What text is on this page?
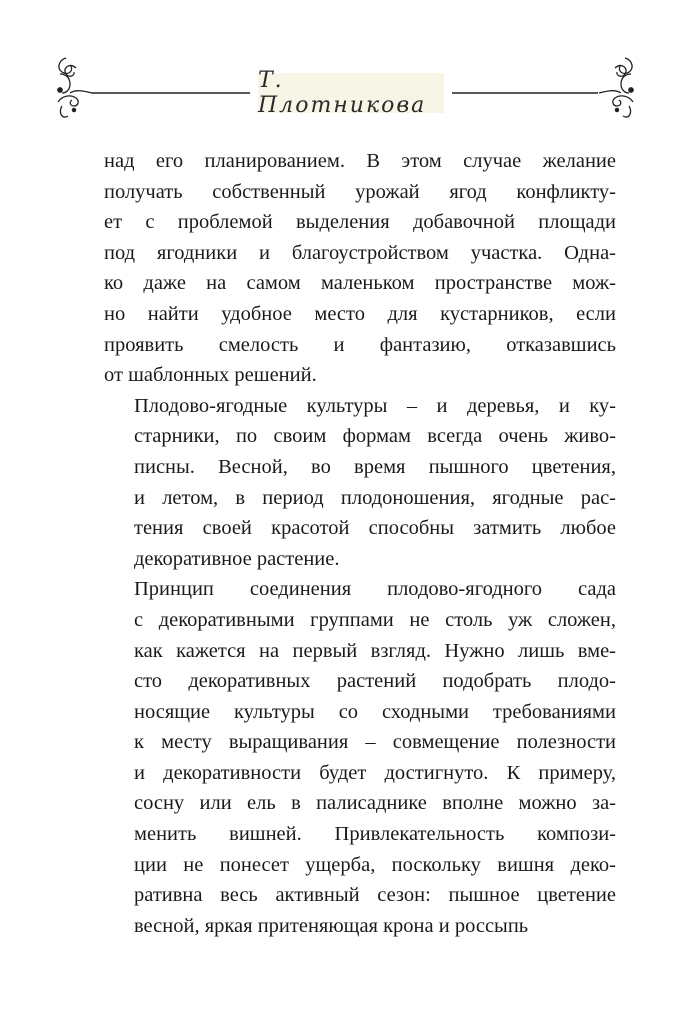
Т. Плотникова

над его планированием. В этом случае желание
получать собственный урожай ягод конфликту-
ет с проблемой выделения добавочной площади
под ягодники и благоустройством участка. Одна-
ко даже на самом маленьком пространстве мож-
но найти удобное место для кустарников, если
проявить смелость и фантазию, отказавшись
от шаблонных решений.

Плодово-ягодные культуры – и деревья, и ку-
старники, по своим формам всегда очень живо-
писны. Весной, во время пышного цветения,
и летом, в период плодоношения, ягодные рас-
тения своей красотой способны затмить любое
декоративное растение.

Принцип соединения плодово-ягодного сада
с декоративными группами не столь уж сложен,
как кажется на первый взгляд. Нужно лишь вме-
сто декоративных растений подобрать плодо-
носящие культуры со сходными требованиями
к месту выращивания – совмещение полезности
и декоративности будет достигнуто. К примеру,
сосну или ель в палисаднике вполне можно за-
менить вишней. Привлекательность компози-
ции не понесет ущерба, поскольку вишня деко-
ративна весь активный сезон: пышное цветение
весной, яркая притеняющая крона и россыпь
